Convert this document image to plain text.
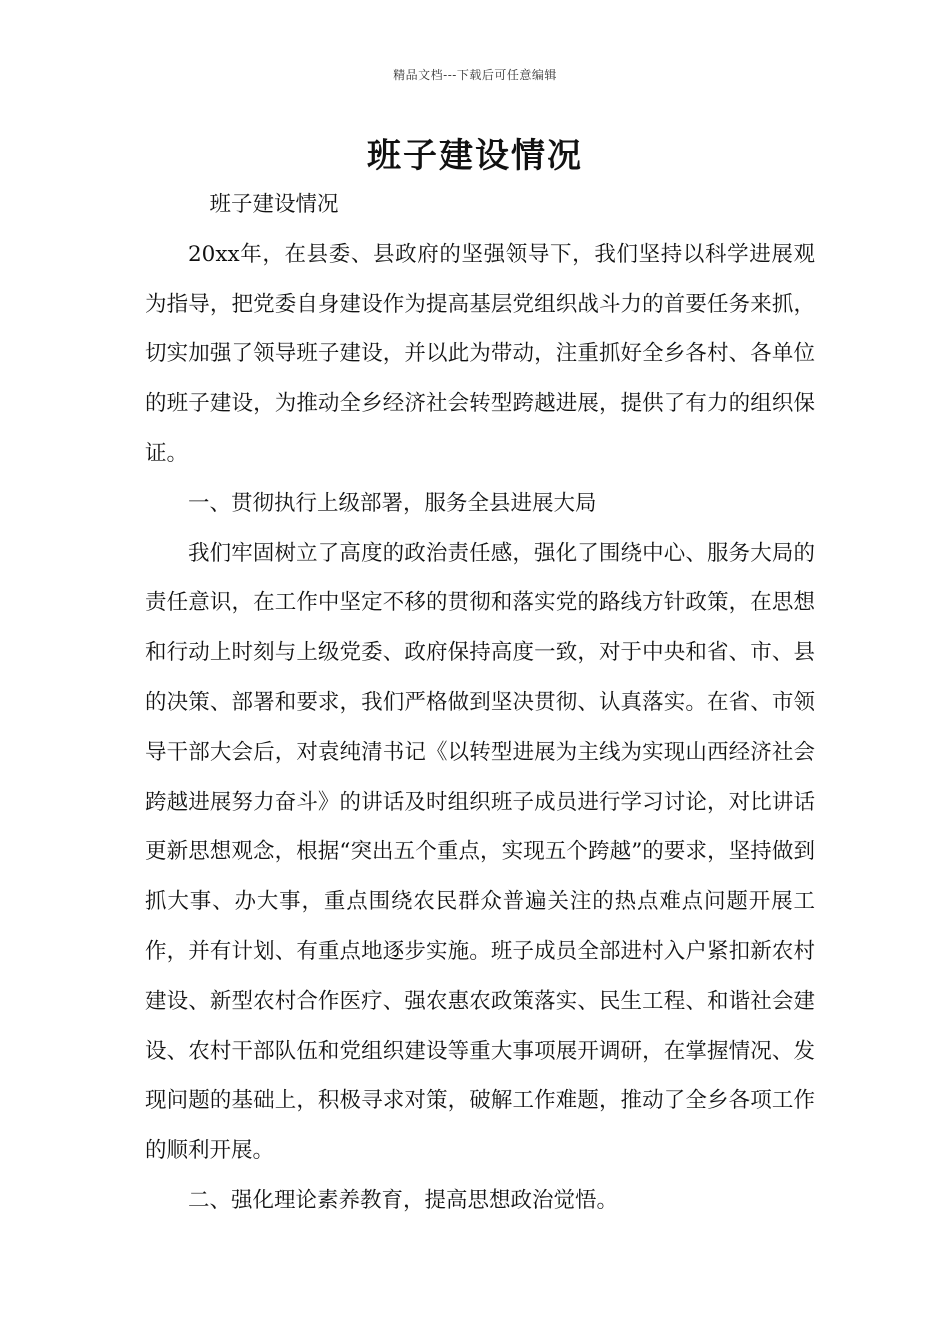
精品文档---下载后可任意编辑
班子建设情况

班子建设情况

20xx年，在县委、县政府的坚强领导下，我们坚持以科学进展观为指导，把党委自身建设作为提高基层党组织战斗力的首要任务来抓，切实加强了领导班子建设，并以此为带动，注重抓好全乡各村、各单位的班子建设，为推动全乡经济社会转型跨越进展，提供了有力的组织保证。

一、贯彻执行上级部署，服务全县进展大局

我们牢固树立了高度的政治责任感，强化了围绕中心、服务大局的责任意识，在工作中坚定不移的贯彻和落实党的路线方针政策，在思想和行动上时刻与上级党委、政府保持高度一致，对于中央和省、市、县的决策、部署和要求，我们严格做到坚决贯彻、认真落实。在省、市领导干部大会后，对袁纯清书记《以转型进展为主线为实现山西经济社会跨越进展努力奋斗》的讲话及时组织班子成员进行学习讨论，对比讲话更新思想观念，根据“突出五个重点，实现五个跨越”的要求，坚持做到抓大事、办大事，重点围绕农民群众普遍关注的热点难点问题开展工作，并有计划、有重点地逐步实施。班子成员全部进村入户紧扣新农村建设、新型农村合作医疗、强农惠农政策落实、民生工程、和谐社会建设、农村干部队伍和党组织建设等重大事项展开调研，在掌握情况、发现问题的基础上，积极寻求对策，破解工作难题，推动了全乡各项工作的顺利开展。

二、强化理论素养教育，提高思想政治觉悟。
